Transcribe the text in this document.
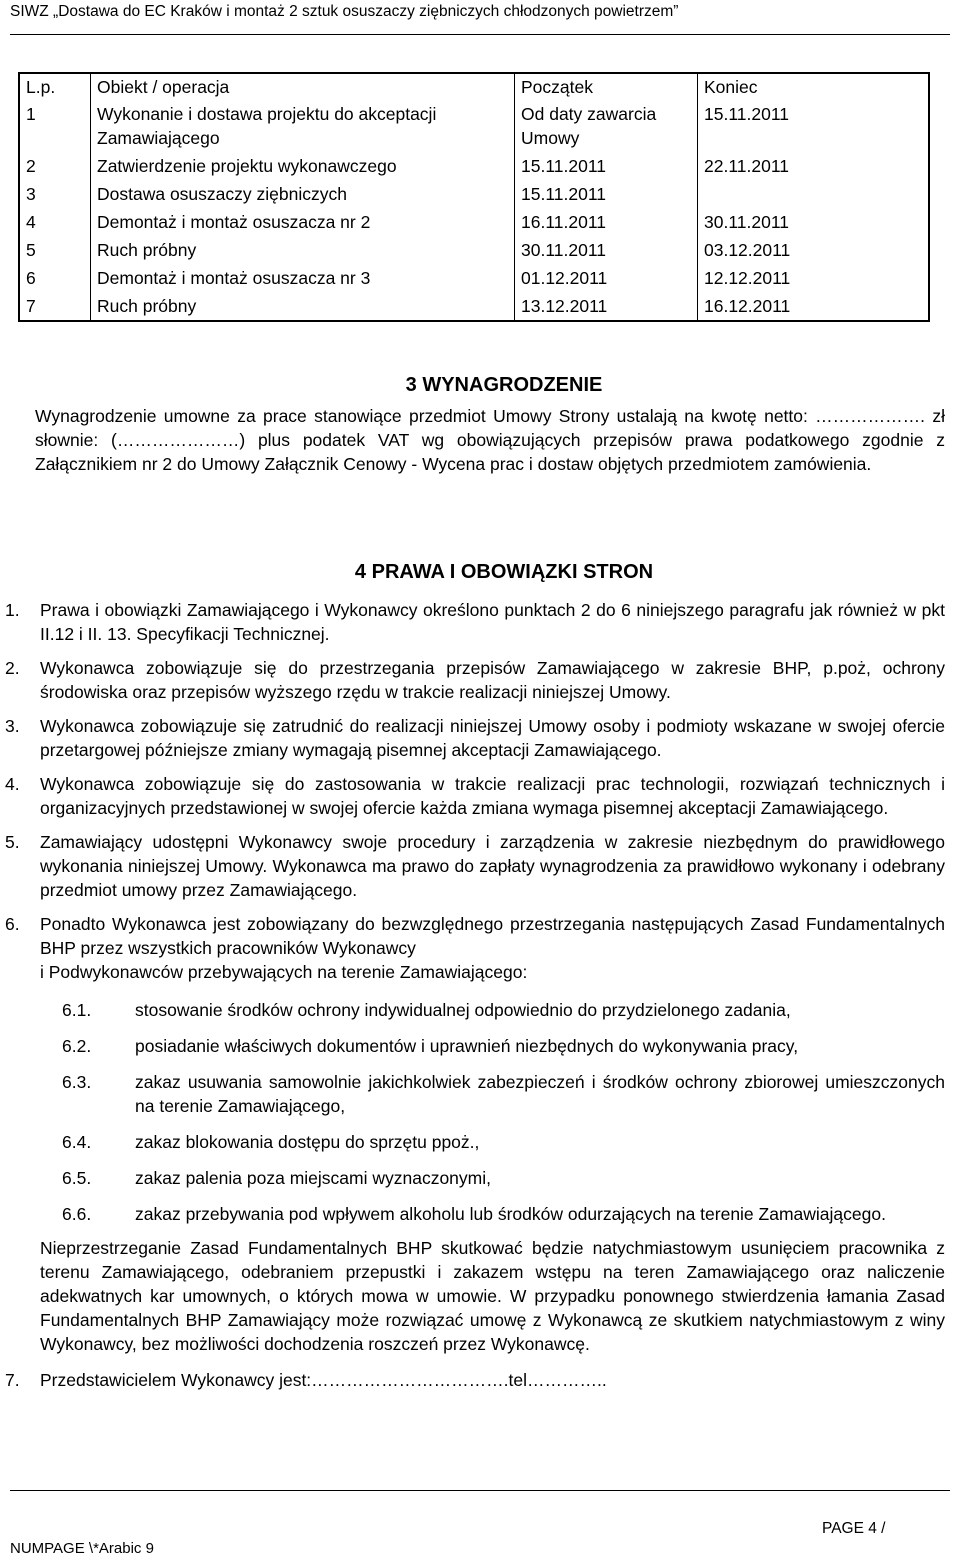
SIWZ „Dostawa do EC Kraków i montaż 2 sztuk osuszaczy ziębniczych chłodzonych powietrzem”
L.p.	Obiekt / operacja	Początek	Koniec
1	Wykonanie i dostawa projektu do akceptacji Zamawiającego	Od daty zawarcia Umowy	15.11.2011
2	Zatwierdzenie projektu wykonawczego	15.11.2011	22.11.2011
3	Dostawa osuszaczy ziębniczych	15.11.2011	
4	Demontaż i montaż osuszacza nr 2	16.11.2011	30.11.2011
5	Ruch próbny	30.11.2011	03.12.2011
6	Demontaż i montaż osuszacza nr 3	01.12.2011	12.12.2011
7	Ruch próbny	13.12.2011	16.12.2011
3 WYNAGRODZENIE
Wynagrodzenie umowne za prace stanowiące przedmiot Umowy Strony ustalają na kwotę netto: ………………. zł słownie: (…………………) plus podatek VAT wg obowiązujących przepisów prawa podatkowego zgodnie z Załącznikiem nr 2 do Umowy Załącznik Cenowy - Wycena prac i dostaw objętych przedmiotem zamówienia.
4 PRAWA I OBOWIĄZKI STRON
1. Prawa i obowiązki Zamawiającego i Wykonawcy określono punktach 2 do 6 niniejszego paragrafu jak również w pkt II.12 i II. 13. Specyfikacji Technicznej.
2. Wykonawca zobowiązuje się do przestrzegania przepisów Zamawiającego w zakresie BHP, p.poż, ochrony środowiska oraz przepisów wyższego rzędu w trakcie realizacji niniejszej Umowy.
3. Wykonawca zobowiązuje się zatrudnić do realizacji niniejszej Umowy osoby i podmioty wskazane w swojej ofercie przetargowej późniejsze zmiany wymagają pisemnej akceptacji Zamawiającego.
4. Wykonawca zobowiązuje się do zastosowania w trakcie realizacji prac technologii, rozwiązań technicznych i organizacyjnych przedstawionej w swojej ofercie każda zmiana wymaga pisemnej akceptacji Zamawiającego.
5. Zamawiający udostępni Wykonawcy swoje procedury i zarządzenia w zakresie niezbędnym do prawidłowego wykonania niniejszej Umowy. Wykonawca ma prawo do zapłaty wynagrodzenia za prawidłowo wykonany i odebrany przedmiot umowy przez Zamawiającego.
6. Ponadto Wykonawca jest zobowiązany do bezwzględnego przestrzegania następujących Zasad Fundamentalnych BHP przez wszystkich pracowników Wykonawcy
i Podwykonawców przebywających na terenie Zamawiającego:
6.1.	stosowanie środków ochrony indywidualnej odpowiednio do przydzielonego zadania,
6.2.	posiadanie właściwych dokumentów i uprawnień niezbędnych do wykonywania pracy,
6.3.	zakaz usuwania samowolnie jakichkolwiek zabezpieczeń i środków ochrony zbiorowej umieszczonych na terenie Zamawiającego,
6.4.	zakaz blokowania dostępu do sprzętu ppoż.,
6.5.	zakaz palenia poza miejscami wyznaczonymi,
6.6.	zakaz przebywania pod wpływem alkoholu lub środków odurzających na terenie Zamawiającego.
Nieprzestrzeganie Zasad Fundamentalnych BHP skutkować będzie natychmiastowym usunięciem pracownika z terenu Zamawiającego, odebraniem przepustki i zakazem wstępu na teren Zamawiającego oraz naliczenie adekwatnych kar umownych, o których mowa w umowie. W przypadku ponownego stwierdzenia łamania Zasad Fundamentalnych BHP Zamawiający może rozwiązać umowę z Wykonawcą ze skutkiem natychmiastowym z winy Wykonawcy, bez możliwości dochodzenia roszczeń przez Wykonawcę.
7. Przedstawicielem Wykonawcy jest:…………………………….tel…………..
PAGE 4 /
NUMPAGE \*Arabic 9
